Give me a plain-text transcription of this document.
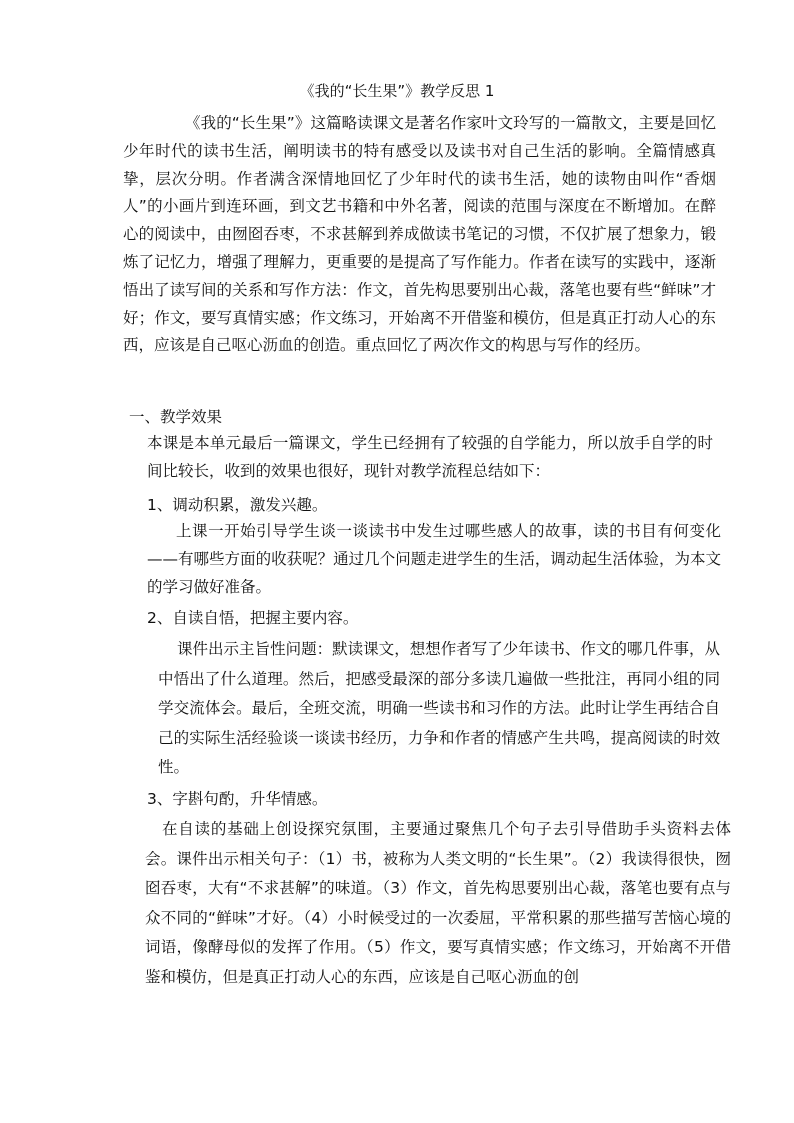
《我的“长生果”》教学反思 1

《我的“长生果”》这篇略读课文是著名作家叶文玲写的一篇散文，主要是回忆少年时代的读书生活，阐明读书的特有感受以及读书对自己生活的影响。全篇情感真挚，层次分明。作者满含深情地回忆了少年时代的读书生活，她的读物由叫作“香烟人”的小画片到连环画，到文艺书籍和中外名著，阅读的范围与深度在不断增加。在醉心的阅读中，由囫囵吞枣，不求甚解到养成做读书笔记的习惯，不仅扩展了想象力，锻炼了记忆力，增强了理解力，更重要的是提高了写作能力。作者在读写的实践中，逐渐悟出了读写间的关系和写作方法：作文，首先构思要别出心裁，落笔也要有些“鲜味”才好；作文，要写真情实感；作文练习，开始离不开借鉴和模仿，但是真正打动人心的东西，应该是自己呕心沥血的创造。重点回忆了两次作文的构思与写作的经历。

一、教学效果

本课是本单元最后一篇课文，学生已经拥有了较强的自学能力，所以放手自学的时间比较长，收到的效果也很好，现针对教学流程总结如下：

1、调动积累，激发兴趣。

上课一开始引导学生谈一谈读书中发生过哪些感人的故事，读的书目有何变化——有哪些方面的收获呢？通过几个问题走进学生的生活，调动起生活体验，为本文的学习做好准备。

2、自读自悟，把握主要内容。

课件出示主旨性问题：默读课文，想想作者写了少年读书、作文的哪几件事，从中悟出了什么道理。然后，把感受最深的部分多读几遍做一些批注，再同小组的同学交流体会。最后，全班交流，明确一些读书和习作的方法。此时让学生再结合自己的实际生活经验谈一谈读书经历，力争和作者的情感产生共鸣，提高阅读的时效性。

3、字斟句酌，升华情感。

在自读的基础上创设探究氛围，主要通过聚焦几个句子去引导借助手头资料去体会。课件出示相关句子：（1）书，被称为人类文明的“长生果”。（2）我读得很快，囫囵吞枣，大有“不求甚解”的味道。（3）作文，首先构思要别出心裁，落笔也要有点与众不同的“鲜味”才好。（4）小时候受过的一次委屈，平常积累的那些描写苦恼心境的词语，像酵母似的发挥了作用。（5）作文，要写真情实感；作文练习，开始离不开借鉴和模仿，但是真正打动人心的东西，应该是自己呕心沥血的创
